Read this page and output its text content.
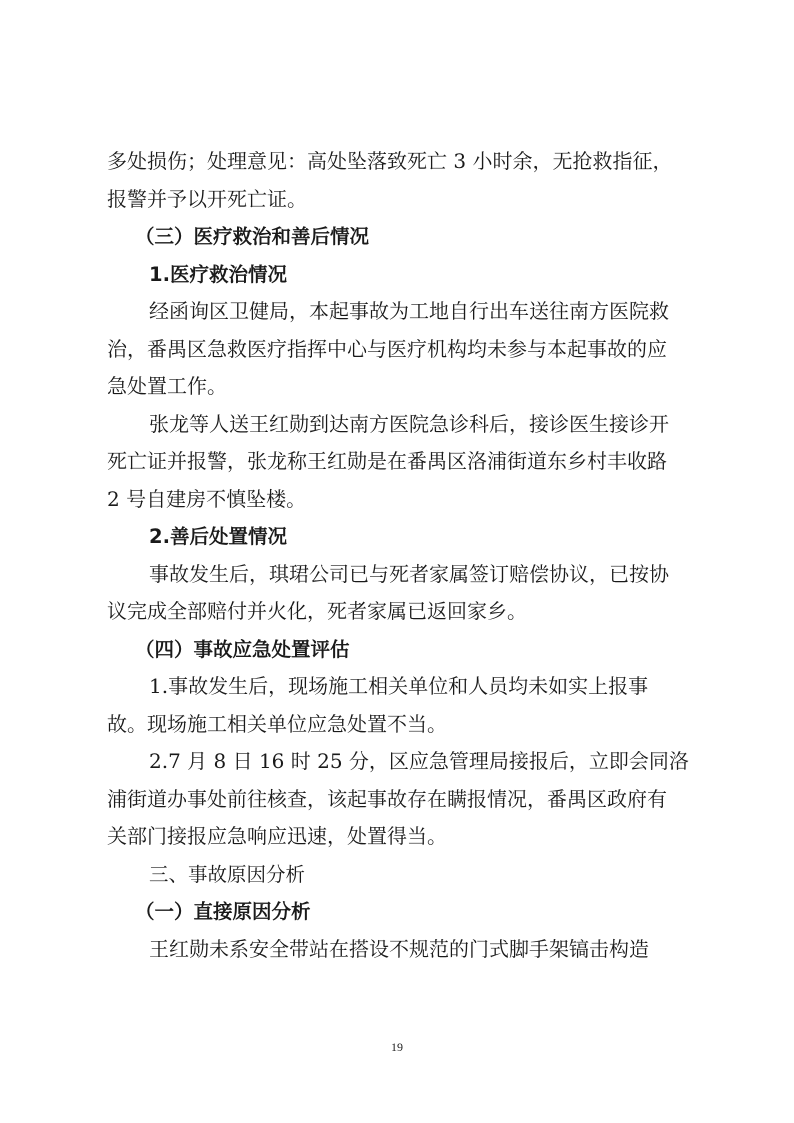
多处损伤；处理意见：高处坠落致死亡 3 小时余，无抢救指征，
报警并予以开死亡证。
（三）医疗救治和善后情况
1.医疗救治情况
经函询区卫健局，本起事故为工地自行出车送往南方医院救
治，番禺区急救医疗指挥中心与医疗机构均未参与本起事故的应
急处置工作。
张龙等人送王红勋到达南方医院急诊科后，接诊医生接诊开
死亡证并报警，张龙称王红勋是在番禺区洛浦街道东乡村丰收路
2 号自建房不慎坠楼。
2.善后处置情况
事故发生后，琪珺公司已与死者家属签订赔偿协议，已按协
议完成全部赔付并火化，死者家属已返回家乡。
（四）事故应急处置评估
1.事故发生后，现场施工相关单位和人员均未如实上报事
故。现场施工相关单位应急处置不当。
2.7 月 8 日 16 时 25 分，区应急管理局接报后，立即会同洛
浦街道办事处前往核查，该起事故存在瞒报情况，番禺区政府有
关部门接报应急响应迅速，处置得当。
三、事故原因分析
（一）直接原因分析
王红勋未系安全带站在搭设不规范的门式脚手架镐击构造
19
